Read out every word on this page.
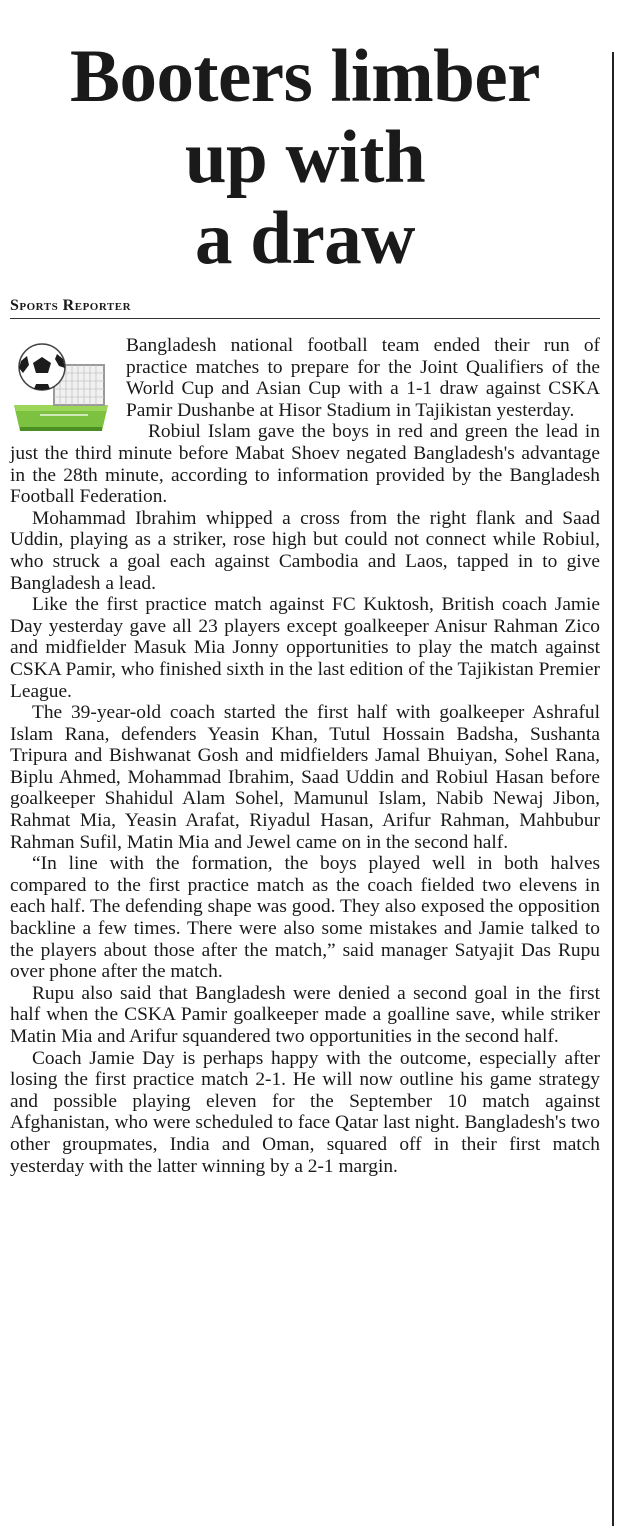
Booters limber
up with
a draw
Sports Reporter

Bangladesh national football team ended their run of practice matches to prepare for the Joint Qualifiers of the World Cup and Asian Cup with a 1-1 draw against CSKA Pamir Dushanbe at Hisor Stadium in Tajikistan yesterday.

Robiul Islam gave the boys in red and green the lead in just the third minute before Mabat Shoev negated Bangladesh's advantage in the 28th minute, according to information provided by the Bangladesh Football Federation.

Mohammad Ibrahim whipped a cross from the right flank and Saad Uddin, playing as a striker, rose high but could not connect while Robiul, who struck a goal each against Cambodia and Laos, tapped in to give Bangladesh a lead.

Like the first practice match against FC Kuktosh, British coach Jamie Day yesterday gave all 23 players except goalkeeper Anisur Rahman Zico and midfielder Masuk Mia Jonny opportunities to play the match against CSKA Pamir, who finished sixth in the last edition of the Tajikistan Premier League.

The 39-year-old coach started the first half with goalkeeper Ashraful Islam Rana, defenders Yeasin Khan, Tutul Hossain Badsha, Sushanta Tripura and Bishwanat Gosh and midfielders Jamal Bhuiyan, Sohel Rana, Biplu Ahmed, Mohammad Ibrahim, Saad Uddin and Robiul Hasan before goalkeeper Shahidul Alam Sohel, Mamunul Islam, Nabib Newaj Jibon, Rahmat Mia, Yeasin Arafat, Riyadul Hasan, Arifur Rahman, Mahbubur Rahman Sufil, Matin Mia and Jewel came on in the second half.

“In line with the formation, the boys played well in both halves compared to the first practice match as the coach fielded two elevens in each half. The defending shape was good. They also exposed the opposition backline a few times. There were also some mistakes and Jamie talked to the players about those after the match,” said manager Satyajit Das Rupu over phone after the match.

Rupu also said that Bangladesh were denied a second goal in the first half when the CSKA Pamir goalkeeper made a goalline save, while striker Matin Mia and Arifur squandered two opportunities in the second half.

Coach Jamie Day is perhaps happy with the outcome, especially after losing the first practice match 2-1. He will now outline his game strategy and possible playing eleven for the September 10 match against Afghanistan, who were scheduled to face Qatar last night. Bangladesh's two other groupmates, India and Oman, squared off in their first match yesterday with the latter winning by a 2-1 margin.
